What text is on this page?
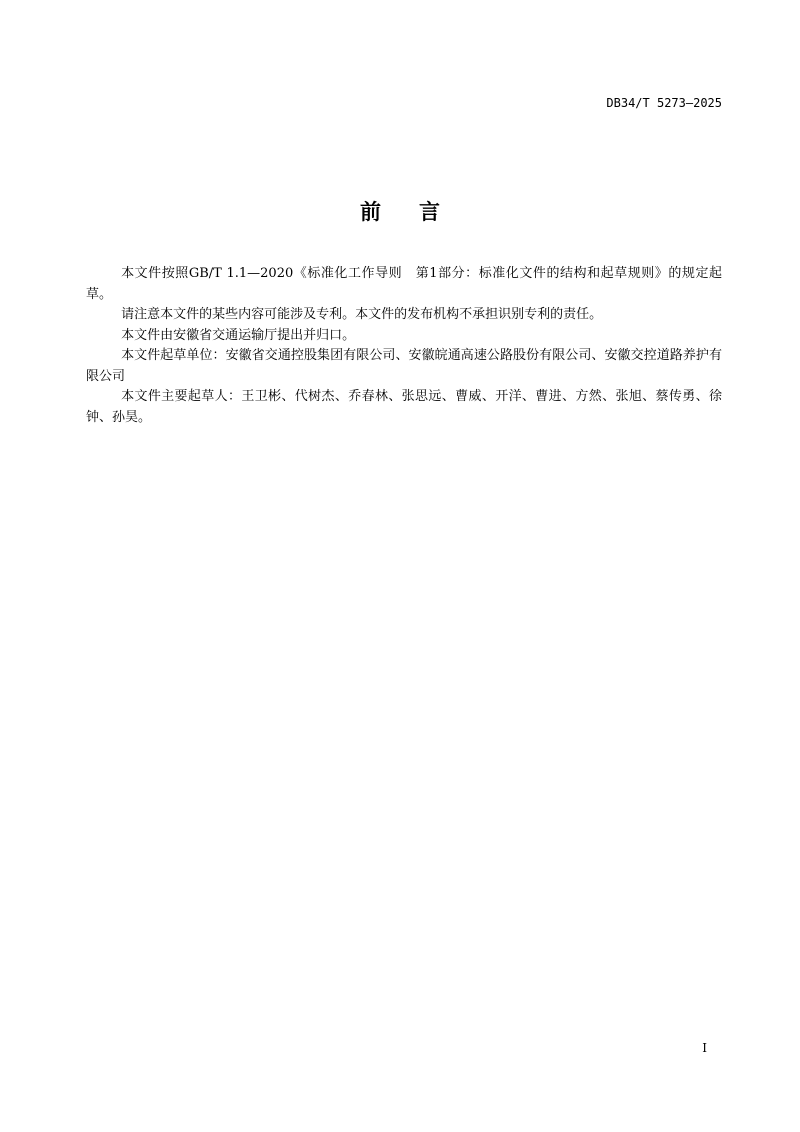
DB34/T 5273—2025
前言

本文件按照GB/T 1.1—2020《标准化工作导则　第1部分：标准化文件的结构和起草规则》的规定起草。

请注意本文件的某些内容可能涉及专利。本文件的发布机构不承担识别专利的责任。

本文件由安徽省交通运输厅提出并归口。

本文件起草单位：安徽省交通控股集团有限公司、安徽皖通高速公路股份有限公司、安徽交控道路养护有限公司

本文件主要起草人：王卫彬、代树杰、乔春林、张思远、曹威、开洋、曹进、方然、张旭、蔡传勇、徐钟、孙昊。

I
